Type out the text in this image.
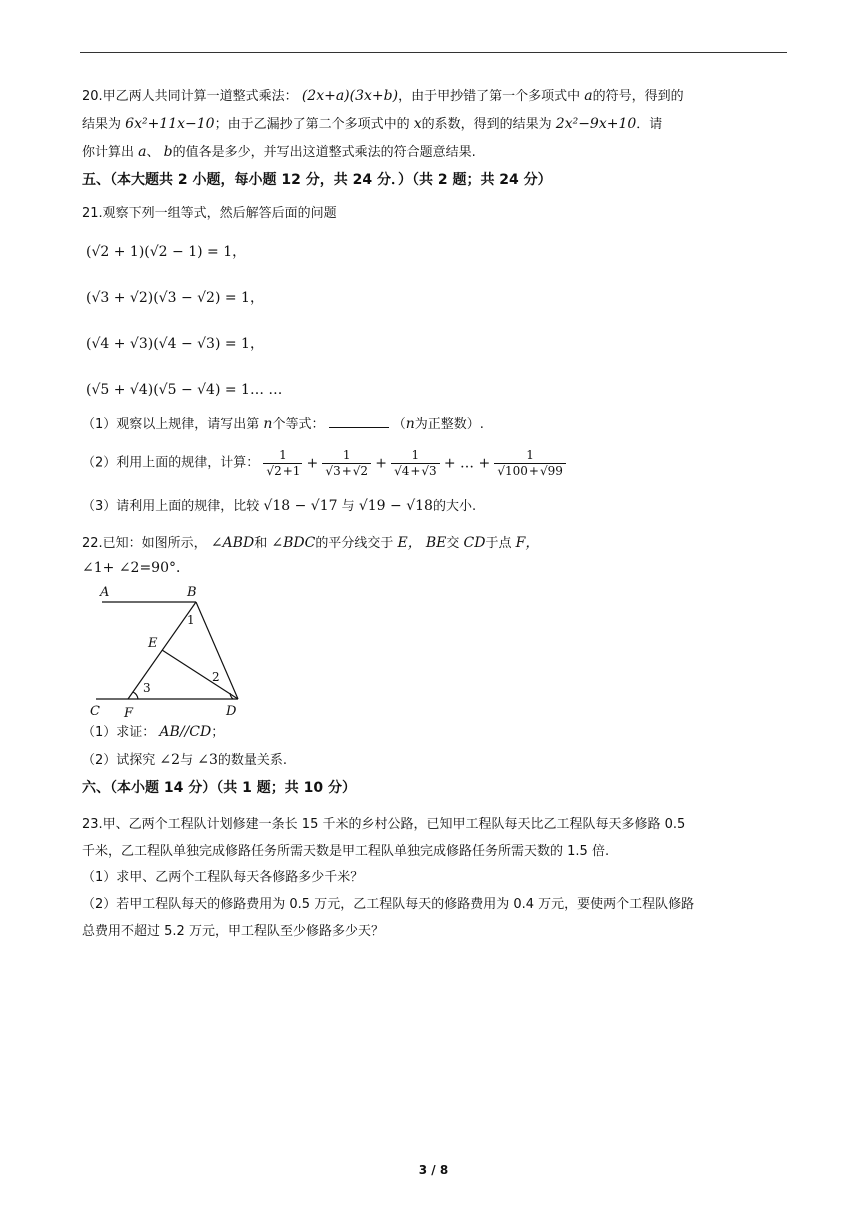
20.甲乙两人共同计算一道整式乘法： (2x+a)(3x+b)，由于甲抄错了第一个多项式中 a的符号，得到的
结果为 6x²+11x−10；由于乙漏抄了第二个多项式中的 x的系数，得到的结果为 2x²−9x+10．请
你计算出 a、 b的值各是多少，并写出这道整式乘法的符合题意结果.
五、（本大题共 2 小题，每小题 12 分，共 24 分．）（共 2 题；共 24 分）
21.观察下列一组等式，然后解答后面的问题
(√2 + 1)(√2 − 1) = 1，
(√3 + √2)(√3 − √2) = 1，
(√4 + √3)(√4 − √3) = 1，
(√5 + √4)(√5 − √4) = 1… …
（1）观察以上规律，请写出第 n个等式：	（n为正整数）.
（2）利用上面的规律，计算： $\frac{1}{√2+1} + \frac{1}{√3+√2} + \frac{1}{√4+√3}$ + … + $\frac{1}{√100+√99}$
（3）请利用上面的规律，比较 √18 − √17 与 √19 − √18的大小.
22.已知：如图所示， ∠ABD和 ∠BDC的平分线交于 E， BE交 CD于点 F，
∠1+ ∠2=90°．
A	B
E
C F	D
1
2
3
（1）求证： AB//CD；
（2）试探究 ∠2与 ∠3的数量关系.
六、（本小题 14 分）（共 1 题；共 10 分）
23.甲、乙两个工程队计划修建一条长 15 千米的乡村公路，已知甲工程队每天比乙工程队每天多修路 0.5
千米，乙工程队单独完成修路任务所需天数是甲工程队单独完成修路任务所需天数的 1.5 倍.
（1）求甲、乙两个工程队每天各修路多少千米？
（2）若甲工程队每天的修路费用为 0.5 万元，乙工程队每天的修路费用为 0.4 万元，要使两个工程队修路
总费用不超过 5.2 万元，甲工程队至少修路多少天？
3 / 8
